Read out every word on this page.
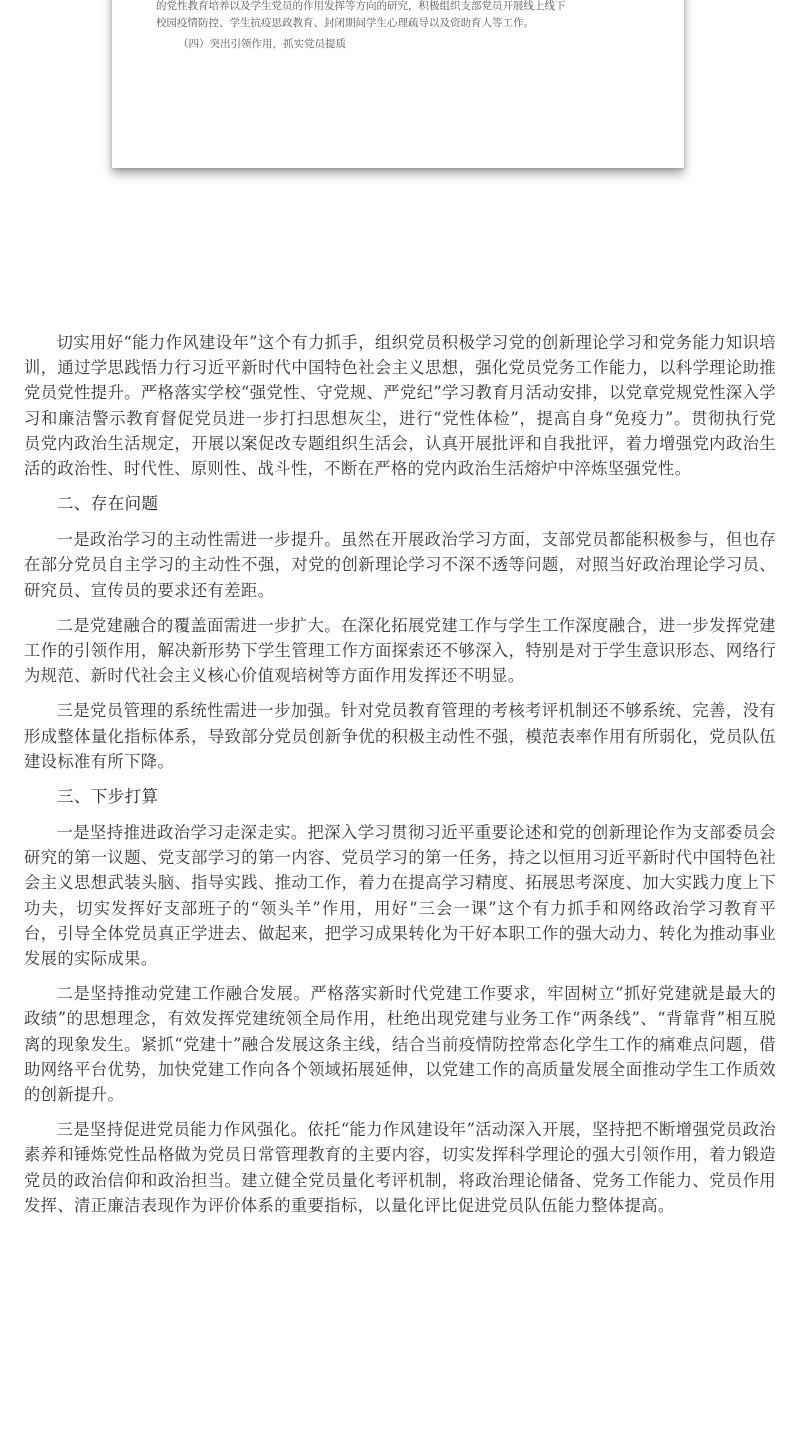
的党性教育培养以及学生党员的作用发挥等方向的研究，积极组织支部党员开展线上线下

校园疫情防控、学生抗疫思政教育、封闭期间学生心理疏导以及资助育人等工作。

（四）突出引领作用，抓实党员提质

切实用好“能力作风建设年”这个有力抓手，组织党员积极学习党的创新理论学习和党务能力知识培训，通过学思践悟力行习近平新时代中国特色社会主义思想，强化党员党务工作能力，以科学理论助推党员党性提升。严格落实学校“强党性、守党规、严党纪”学习教育月活动安排，以党章党规党性深入学习和廉洁警示教育督促党员进一步打扫思想灰尘，进行“党性体检”，提高自身“免疫力”。贯彻执行党员党内政治生活规定，开展以案促改专题组织生活会，认真开展批评和自我批评，着力增强党内政治生活的政治性、时代性、原则性、战斗性，不断在严格的党内政治生活熔炉中淬炼坚强党性。

二、存在问题

一是政治学习的主动性需进一步提升。虽然在开展政治学习方面，支部党员都能积极参与，但也存在部分党员自主学习的主动性不强，对党的创新理论学习不深不透等问题，对照当好政治理论学习员、研究员、宣传员的要求还有差距。

二是党建融合的覆盖面需进一步扩大。在深化拓展党建工作与学生工作深度融合，进一步发挥党建工作的引领作用，解决新形势下学生管理工作方面探索还不够深入，特别是对于学生意识形态、网络行为规范、新时代社会主义核心价值观培树等方面作用发挥还不明显。

三是党员管理的系统性需进一步加强。针对党员教育管理的考核考评机制还不够系统、完善，没有形成整体量化指标体系，导致部分党员创新争优的积极主动性不强，模范表率作用有所弱化，党员队伍建设标准有所下降。

三、下步打算

一是坚持推进政治学习走深走实。把深入学习贯彻习近平重要论述和党的创新理论作为支部委员会研究的第一议题、党支部学习的第一内容、党员学习的第一任务，持之以恒用习近平新时代中国特色社会主义思想武装头脑、指导实践、推动工作，着力在提高学习精度、拓展思考深度、加大实践力度上下功夫，切实发挥好支部班子的“领头羊”作用，用好“三会一课”这个有力抓手和网络政治学习教育平台，引导全体党员真正学进去、做起来，把学习成果转化为干好本职工作的强大动力、转化为推动事业发展的实际成果。

二是坚持推动党建工作融合发展。严格落实新时代党建工作要求，牢固树立“抓好党建就是最大的政绩”的思想理念，有效发挥党建统领全局作用，杜绝出现党建与业务工作“两条线”、“背靠背”相互脱离的现象发生。紧抓“党建十”融合发展这条主线，结合当前疫情防控常态化学生工作的痛难点问题，借助网络平台优势，加快党建工作向各个领域拓展延伸，以党建工作的高质量发展全面推动学生工作质效的创新提升。

三是坚持促进党员能力作风强化。依托“能力作风建设年”活动深入开展，坚持把不断增强党员政治素养和锤炼党性品格做为党员日常管理教育的主要内容，切实发挥科学理论的强大引领作用，着力锻造党员的政治信仰和政治担当。建立健全党员量化考评机制，将政治理论储备、党务工作能力、党员作用发挥、清正廉洁表现作为评价体系的重要指标，以量化评比促进党员队伍能力整体提高。
